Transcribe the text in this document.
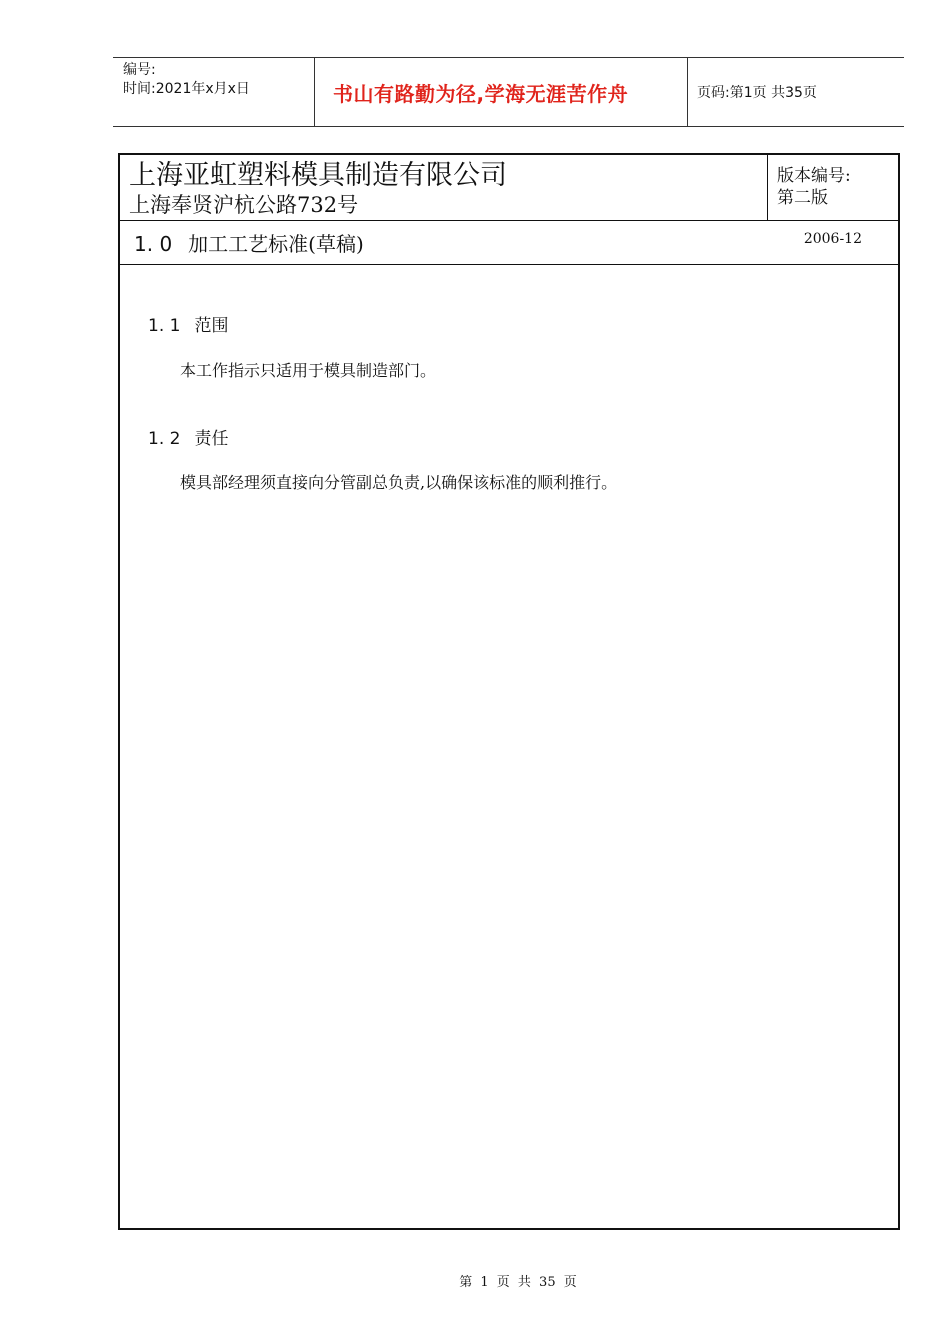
编号:
时间:2021年x月x日	书山有路勤为径,学海无涯苦作舟	页码:第1页 共35页
上海亚虹塑料模具制造有限公司
上海奉贤沪杭公路732号
版本编号:
第二版
1. 0 加工工艺标准(草稿)	2006-12
1. 1 范围
本工作指示只适用于模具制造部门。
1. 2 责任
模具部经理须直接向分管副总负责,以确保该标准的顺利推行。
第 1 页 共 35 页
